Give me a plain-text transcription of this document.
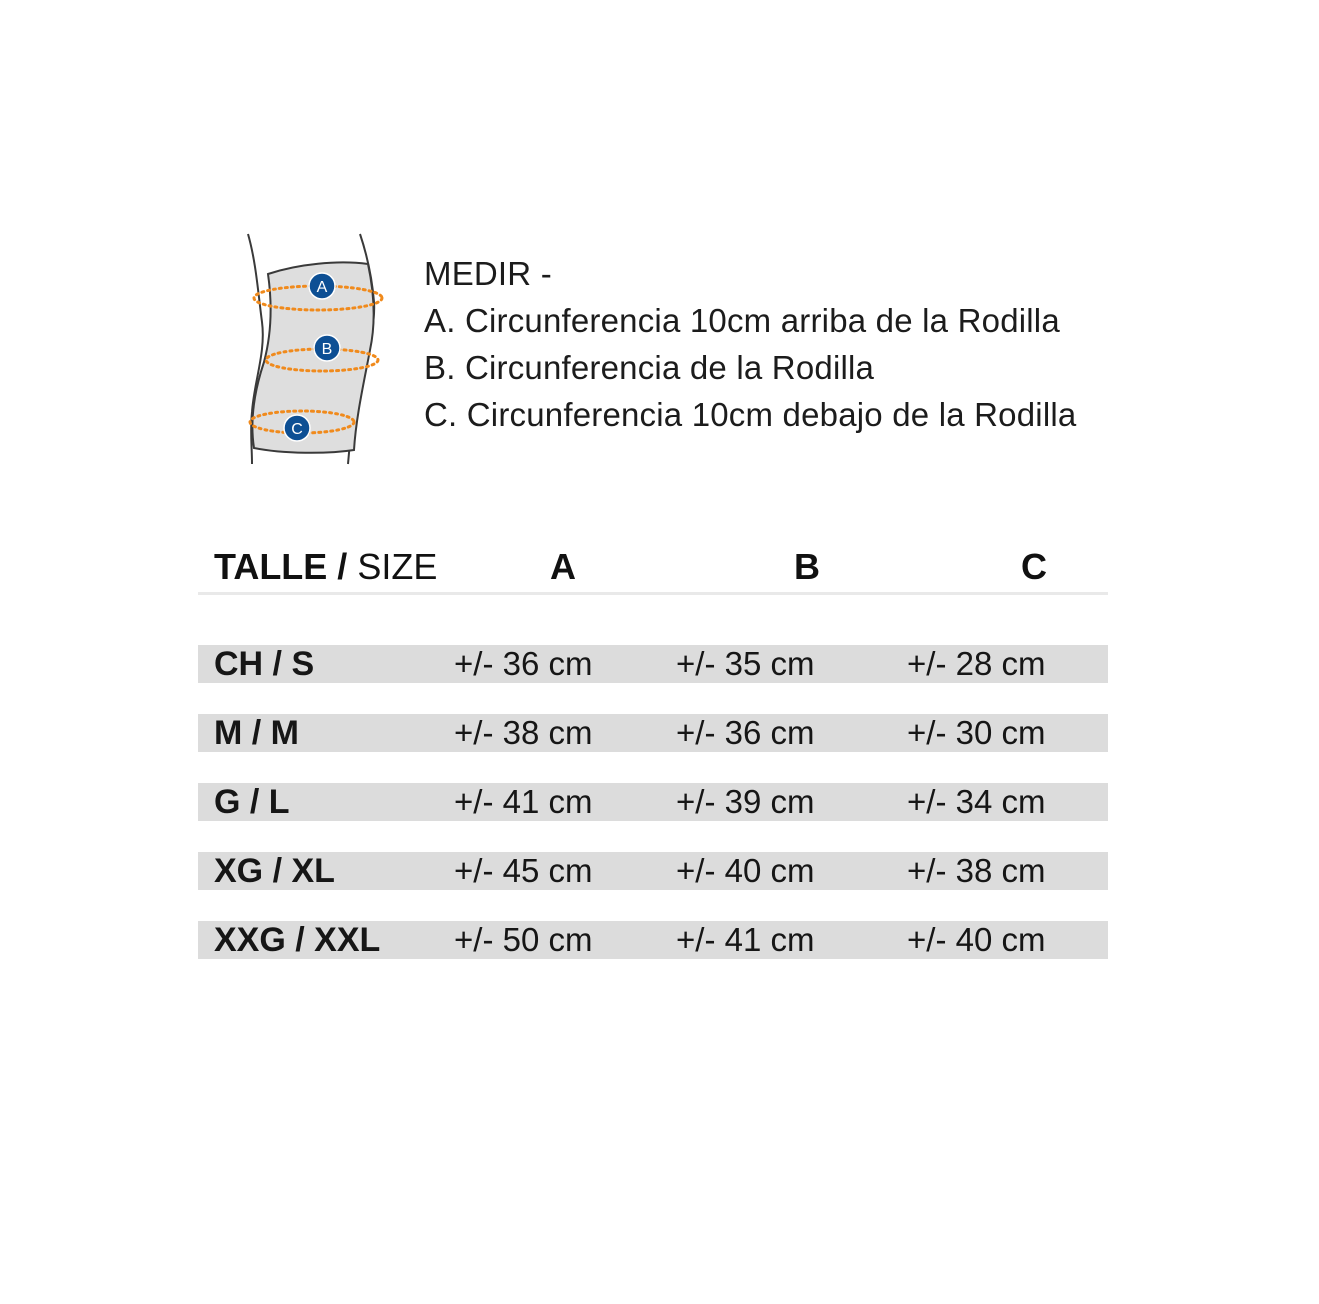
A
B
C
MEDIR -
A. Circunferencia 10cm arriba de la Rodilla
B. Circunferencia de la Rodilla
C. Circunferencia 10cm debajo de la Rodilla
TALLE / SIZE	A	B	C
CH / S	+/- 36 cm	+/- 35 cm	+/- 28 cm
M / M	+/- 38 cm	+/- 36 cm	+/- 30 cm
G / L	+/- 41 cm	+/- 39 cm	+/- 34 cm
XG / XL	+/- 45 cm	+/- 40 cm	+/- 38 cm
XXG / XXL +/- 50 cm	+/- 41 cm	+/- 40 cm
